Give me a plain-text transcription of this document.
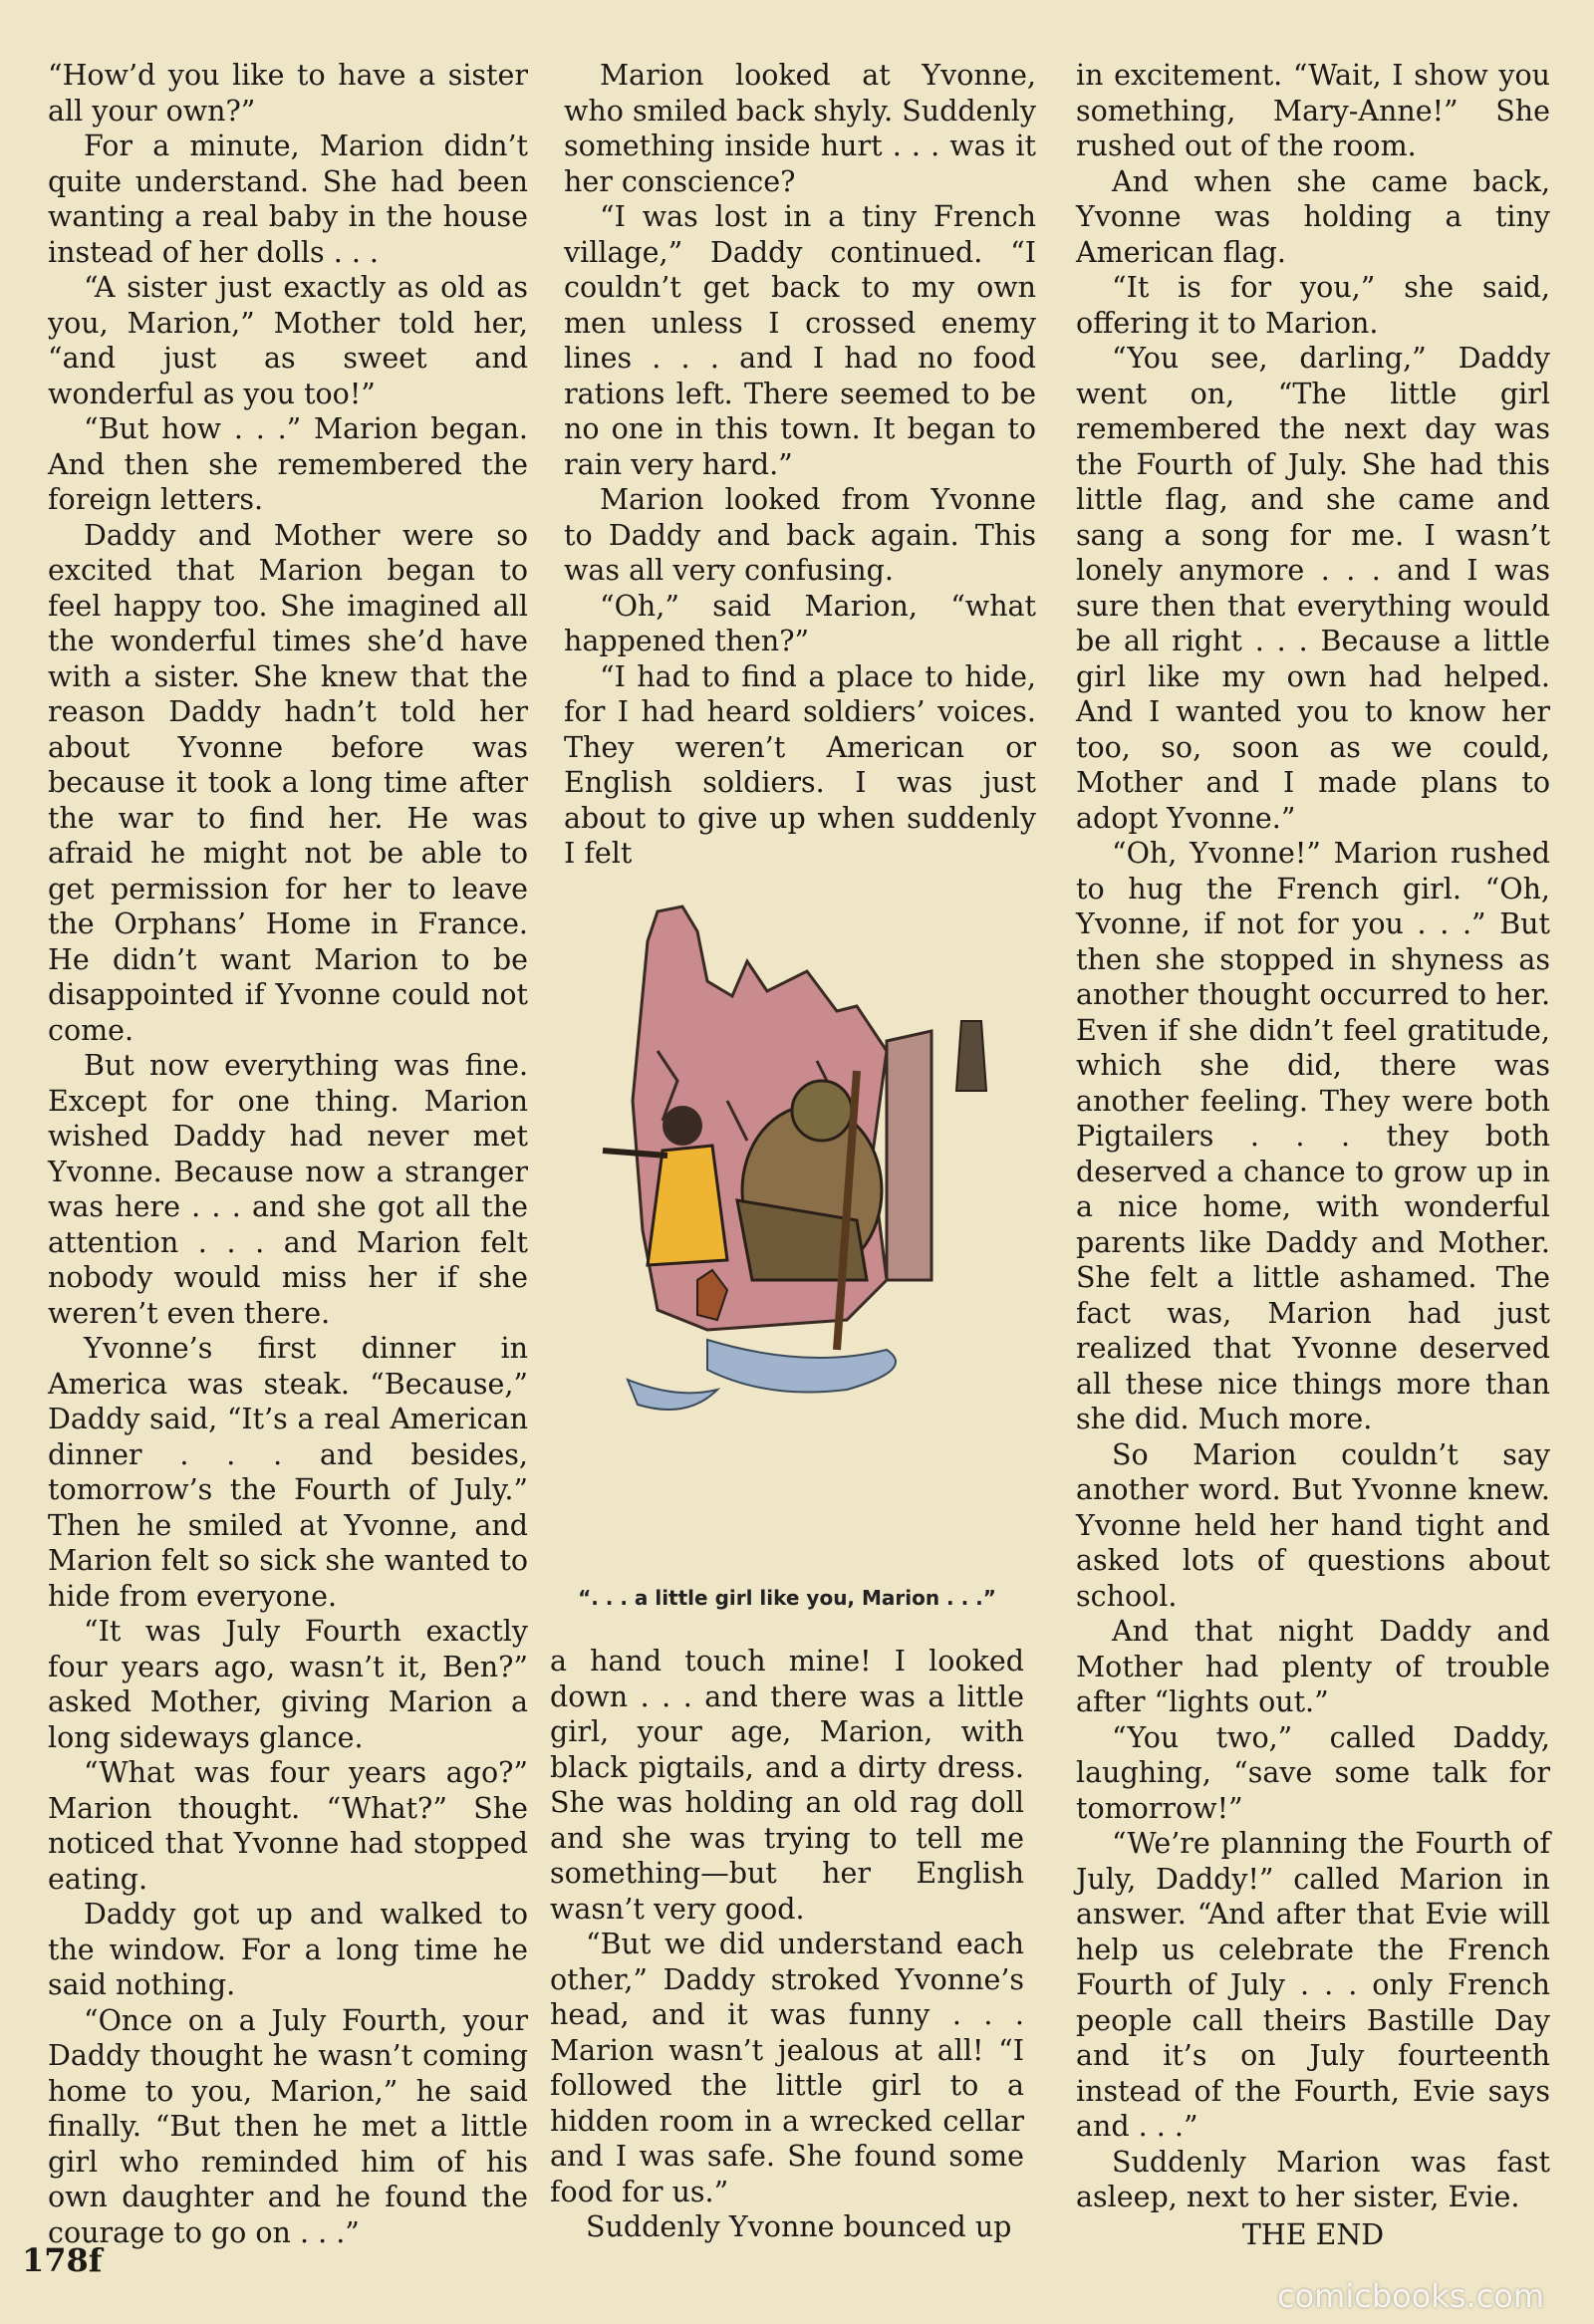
“How’d you like to have a sister all your own?”

For a minute, Marion didn’t quite understand. She had been wanting a real baby in the house instead of her dolls . . .

“A sister just exactly as old as you, Marion,” Mother told her, “and just as sweet and wonderful as you too!”

“But how . . .” Marion began. And then she remembered the foreign letters.

Daddy and Mother were so excited that Marion began to feel happy too. She imagined all the wonderful times she’d have with a sister. She knew that the reason Daddy hadn’t told her about Yvonne before was because it took a long time after the war to find her. He was afraid he might not be able to get permission for her to leave the Orphans’ Home in France. He didn’t want Marion to be disappointed if Yvonne could not come.

But now everything was fine. Except for one thing. Marion wished Daddy had never met Yvonne. Because now a stranger was here . . . and she got all the attention . . . and Marion felt nobody would miss her if she weren’t even there.

Yvonne’s first dinner in America was steak. “Because,” Daddy said, “It’s a real American dinner . . . and besides, tomorrow’s the Fourth of July.” Then he smiled at Yvonne, and Marion felt so sick she wanted to hide from everyone.

“It was July Fourth exactly four years ago, wasn’t it, Ben?” asked Mother, giving Marion a long sideways glance.

“What was four years ago?” Marion thought. “What?” She noticed that Yvonne had stopped eating.

Daddy got up and walked to the window. For a long time he said nothing.

“Once on a July Fourth, your Daddy thought he wasn’t coming home to you, Marion,” he said finally. “But then he met a little girl who reminded him of his own daughter and he found the courage to go on . . .”

Marion looked at Yvonne, who smiled back shyly. Suddenly something inside hurt . . . was it her conscience?

“I was lost in a tiny French village,” Daddy continued. “I couldn’t get back to my own men unless I crossed enemy lines . . . and I had no food rations left. There seemed to be no one in this town. It began to rain very hard.”

Marion looked from Yvonne to Daddy and back again. This was all very confusing.

“Oh,” said Marion, “what happened then?”

“I had to find a place to hide, for I had heard soldiers’ voices. They weren’t American or English soldiers. I was just about to give up when suddenly I felt

“. . . a little girl like you, Marion . . .”

a hand touch mine! I looked down . . . and there was a little girl, your age, Marion, with black pigtails, and a dirty dress. She was holding an old rag doll and she was trying to tell me something—but her English wasn’t very good.

“But we did understand each other,” Daddy stroked Yvonne’s head, and it was funny . . . Marion wasn’t jealous at all! “I followed the little girl to a hidden room in a wrecked cellar and I was safe. She found some food for us.”

Suddenly Yvonne bounced up

in excitement. “Wait, I show you something, Mary-Anne!” She rushed out of the room.

And when she came back, Yvonne was holding a tiny American flag.

“It is for you,” she said, offering it to Marion.

“You see, darling,” Daddy went on, “The little girl remembered the next day was the Fourth of July. She had this little flag, and she came and sang a song for me. I wasn’t lonely anymore . . . and I was sure then that everything would be all right . . . Because a little girl like my own had helped. And I wanted you to know her too, so, soon as we could, Mother and I made plans to adopt Yvonne.”

“Oh, Yvonne!” Marion rushed to hug the French girl. “Oh, Yvonne, if not for you . . .” But then she stopped in shyness as another thought occurred to her. Even if she didn’t feel gratitude, which she did, there was another feeling. They were both Pigtailers . . . they both deserved a chance to grow up in a nice home, with wonderful parents like Daddy and Mother. She felt a little ashamed. The fact was, Marion had just realized that Yvonne deserved all these nice things more than she did. Much more.

So Marion couldn’t say another word. But Yvonne knew. Yvonne held her hand tight and asked lots of questions about school.

And that night Daddy and Mother had plenty of trouble after “lights out.”

“You two,” called Daddy, laughing, “save some talk for tomorrow!”

“We’re planning the Fourth of July, Daddy!” called Marion in answer. “And after that Evie will help us celebrate the French Fourth of July . . . only French people call theirs Bastille Day and it’s on July fourteenth instead of the Fourth, Evie says and . . .”

Suddenly Marion was fast asleep, next to her sister, Evie.

THE END

178f
comicbooks.com
